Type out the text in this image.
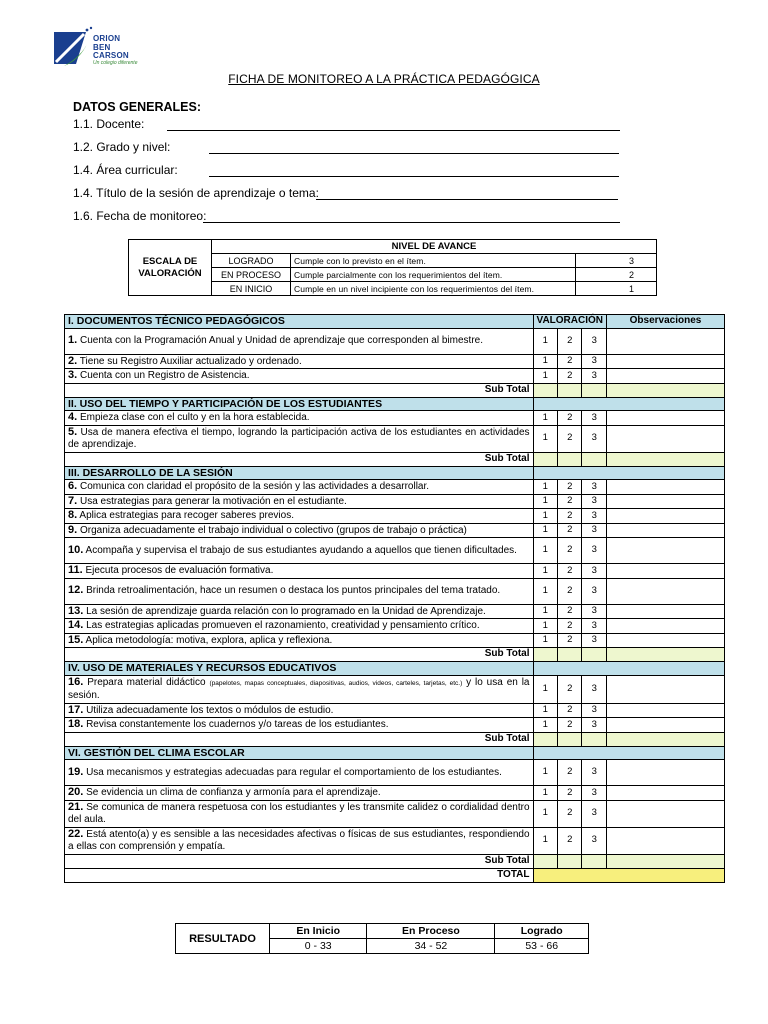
ORION
BEN
CARSON
Un colegio diferente
FICHA DE MONITOREO A LA PRÁCTICA PEDAGÓGICA
DATOS GENERALES:
1.1. Docente:
1.2. Grado y nivel:
1.4. Área curricular:
1.4. Título de la sesión de aprendizaje o tema:
1.6. Fecha de monitoreo:
ESCALA DE
VALORACIÓN	NIVEL DE AVANCE		
	LOGRADO	Cumple con lo previsto en el ítem.	3
	EN PROCESO	Cumple parcialmente con los requerimientos del ítem.	2
	EN INICIO	Cumple en un nivel incipiente con los requerimientos del ítem.	1
I. DOCUMENTOS TÉCNICO PEDAGÓGICOS	VALORACIÓN			Observaciones
1. Cuenta con la Programación Anual y Unidad de aprendizaje que corresponden al bimestre.	1	2	3	
2. Tiene su Registro Auxiliar actualizado y ordenado.	1	2	3	
3. Cuenta con un Registro de Asistencia.	1	2	3	
Sub Total				
II. USO DEL TIEMPO Y PARTICIPACIÓN DE LOS ESTUDIANTES				
4. Empieza clase con el culto y en la hora establecida.	1	2	3	
5. Usa de manera efectiva el tiempo, logrando la participación activa de los estudiantes en actividades de aprendizaje.	1	2	3	
Sub Total				
III. DESARROLLO DE LA SESIÓN				
6. Comunica con claridad el propósito de la sesión y las actividades a desarrollar.	1	2	3	
7. Usa estrategias para generar la motivación en el estudiante.	1	2	3	
8. Aplica estrategias para recoger saberes previos.	1	2	3	
9. Organiza adecuadamente el trabajo individual o colectivo (grupos de trabajo o práctica)	1	2	3	
10. Acompaña y supervisa el trabajo de sus estudiantes ayudando a aquellos que tienen dificultades.	1	2	3	
11. Ejecuta procesos de evaluación formativa.	1	2	3	
12. Brinda retroalimentación, hace un resumen o destaca los puntos principales del tema tratado.	1	2	3	
13. La sesión de aprendizaje guarda relación con lo programado en la Unidad de Aprendizaje.	1	2	3	
14. Las estrategias aplicadas promueven el razonamiento, creatividad y pensamiento crítico.	1	2	3	
15. Aplica metodología: motiva, explora, aplica y reflexiona.	1	2	3	
Sub Total				
IV. USO DE MATERIALES Y RECURSOS EDUCATIVOS				
16. Prepara material didáctico (papelotes, mapas conceptuales, diapositivas, audios, videos, carteles, tarjetas, etc.) y lo usa en la sesión.	1	2	3	
17. Utiliza adecuadamente los textos o módulos de estudio.	1	2	3	
18. Revisa constantemente los cuadernos y/o tareas de los estudiantes.	1	2	3	
Sub Total				
VI. GESTIÓN DEL CLIMA ESCOLAR				
19. Usa mecanismos y estrategias adecuadas para regular el comportamiento de los estudiantes.	1	2	3	
20. Se evidencia un clima de confianza y armonía para el aprendizaje.	1	2	3	
21. Se comunica de manera respetuosa con los estudiantes y les transmite calidez o cordialidad dentro del aula.	1	2	3	
22. Está atento(a) y es sensible a las necesidades afectivas o físicas de sus estudiantes, respondiendo a ellas con comprensión y empatía.	1	2	3	
Sub Total				
TOTAL				
RESULTADO	En Inicio	En Proceso	Logrado
	0 - 33	34 - 52	53 - 66
